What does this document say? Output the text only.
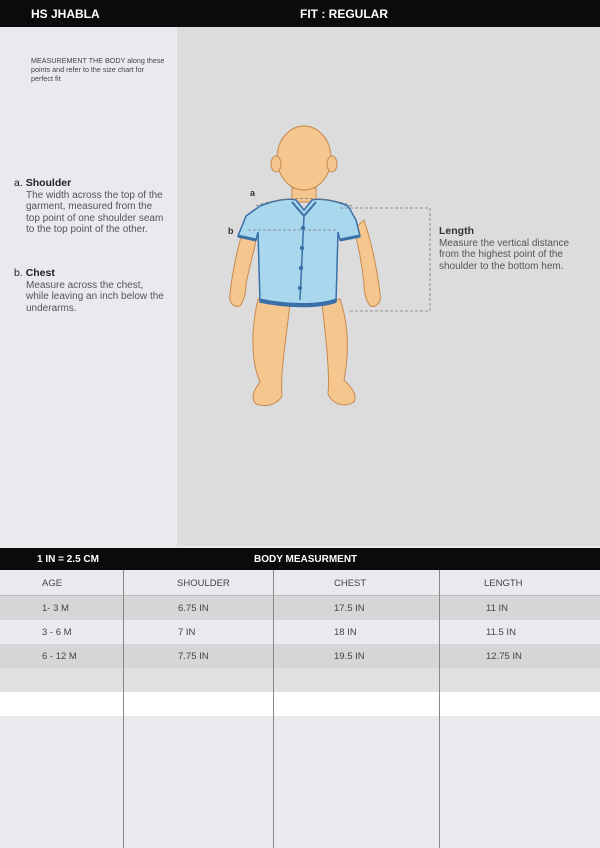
HS JHABLA	FIT : REGULAR
MEASUREMENT THE BODY along these points and refer to the size chart for perfect fit
a. Shoulder
The width across the top of the garment, measured from the top point of one shoulder seam to the top point of the other.
b. Chest
Measure across the chest, while leaving an inch below the underarms.
Length
Measure the vertical distance from the highest point of the shoulder to the bottom hem.
a
b
1 IN = 2.5 CM	BODY MEASURMENT
AGE	SHOULDER	CHEST	LENGTH
1- 3 M	6.75 IN	17.5 IN	11 IN
3 - 6 M	7 IN	18 IN	11.5 IN
6 - 12 M	7.75 IN	19.5 IN	12.75 IN
